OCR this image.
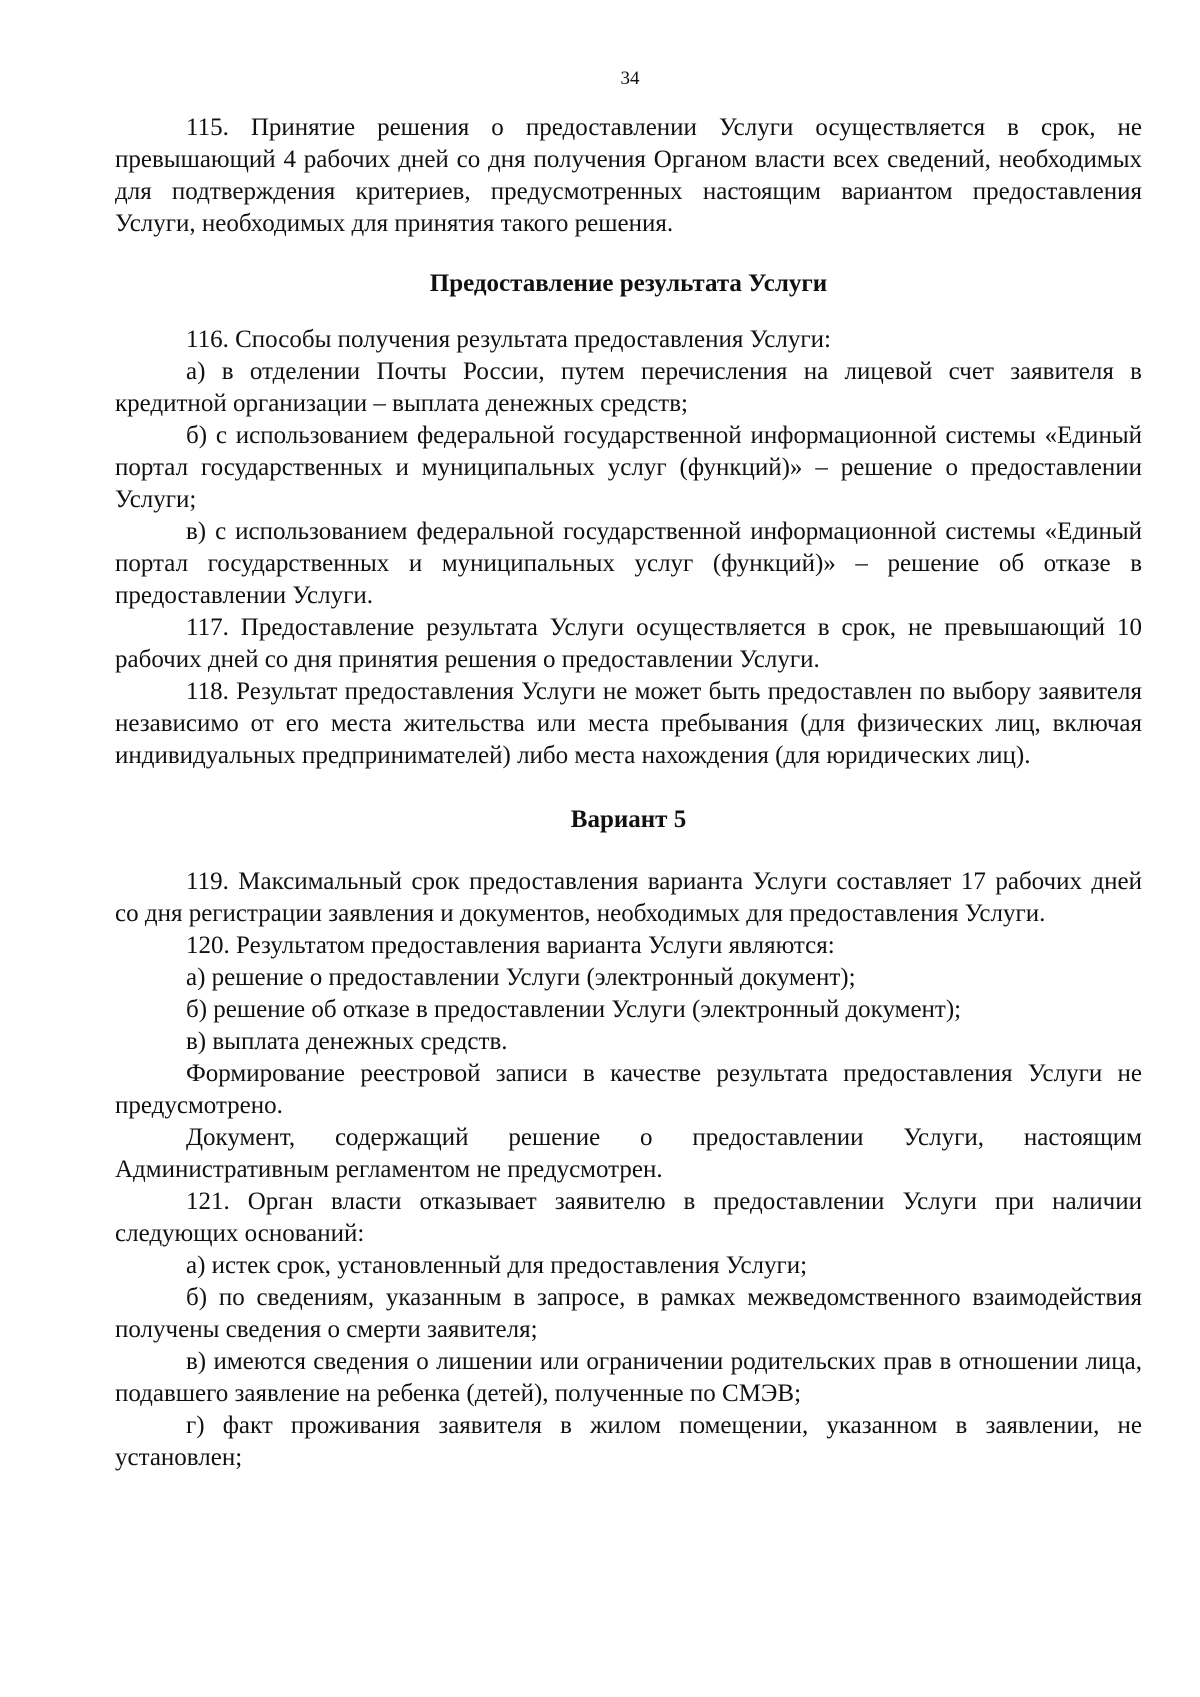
34

115. Принятие решения о предоставлении Услуги осуществляется в срок, не превышающий 4 рабочих дней со дня получения Органом власти всех сведений, необходимых для подтверждения критериев, предусмотренных настоящим вариантом предоставления Услуги, необходимых для принятия такого решения.

Предоставление результата Услуги

116. Способы получения результата предоставления Услуги:

а) в отделении Почты России, путем перечисления на лицевой счет заявителя в кредитной организации – выплата денежных средств;

б) с использованием федеральной государственной информационной системы «Единый портал государственных и муниципальных услуг (функций)» – решение о предоставлении Услуги;

в) с использованием федеральной государственной информационной системы «Единый портал государственных и муниципальных услуг (функций)» – решение об отказе в предоставлении Услуги.

117. Предоставление результата Услуги осуществляется в срок, не превышающий 10 рабочих дней со дня принятия решения о предоставлении Услуги.

118. Результат предоставления Услуги не может быть предоставлен по выбору заявителя независимо от его места жительства или места пребывания (для физических лиц, включая индивидуальных предпринимателей) либо места нахождения (для юридических лиц).

Вариант 5

119. Максимальный срок предоставления варианта Услуги составляет 17 рабочих дней со дня регистрации заявления и документов, необходимых для предоставления Услуги.

120. Результатом предоставления варианта Услуги являются:

а) решение о предоставлении Услуги (электронный документ);

б) решение об отказе в предоставлении Услуги (электронный документ);

в) выплата денежных средств.

Формирование реестровой записи в качестве результата предоставления Услуги не предусмотрено.

Документ, содержащий решение о предоставлении Услуги, настоящим Административным регламентом не предусмотрен.

121. Орган власти отказывает заявителю в предоставлении Услуги при наличии следующих оснований:

а) истек срок, установленный для предоставления Услуги;

б) по сведениям, указанным в запросе, в рамках межведомственного взаимодействия получены сведения о смерти заявителя;

в) имеются сведения о лишении или ограничении родительских прав в отношении лица, подавшего заявление на ребенка (детей), полученные по СМЭВ;

г) факт проживания заявителя в жилом помещении, указанном в заявлении, не установлен;
